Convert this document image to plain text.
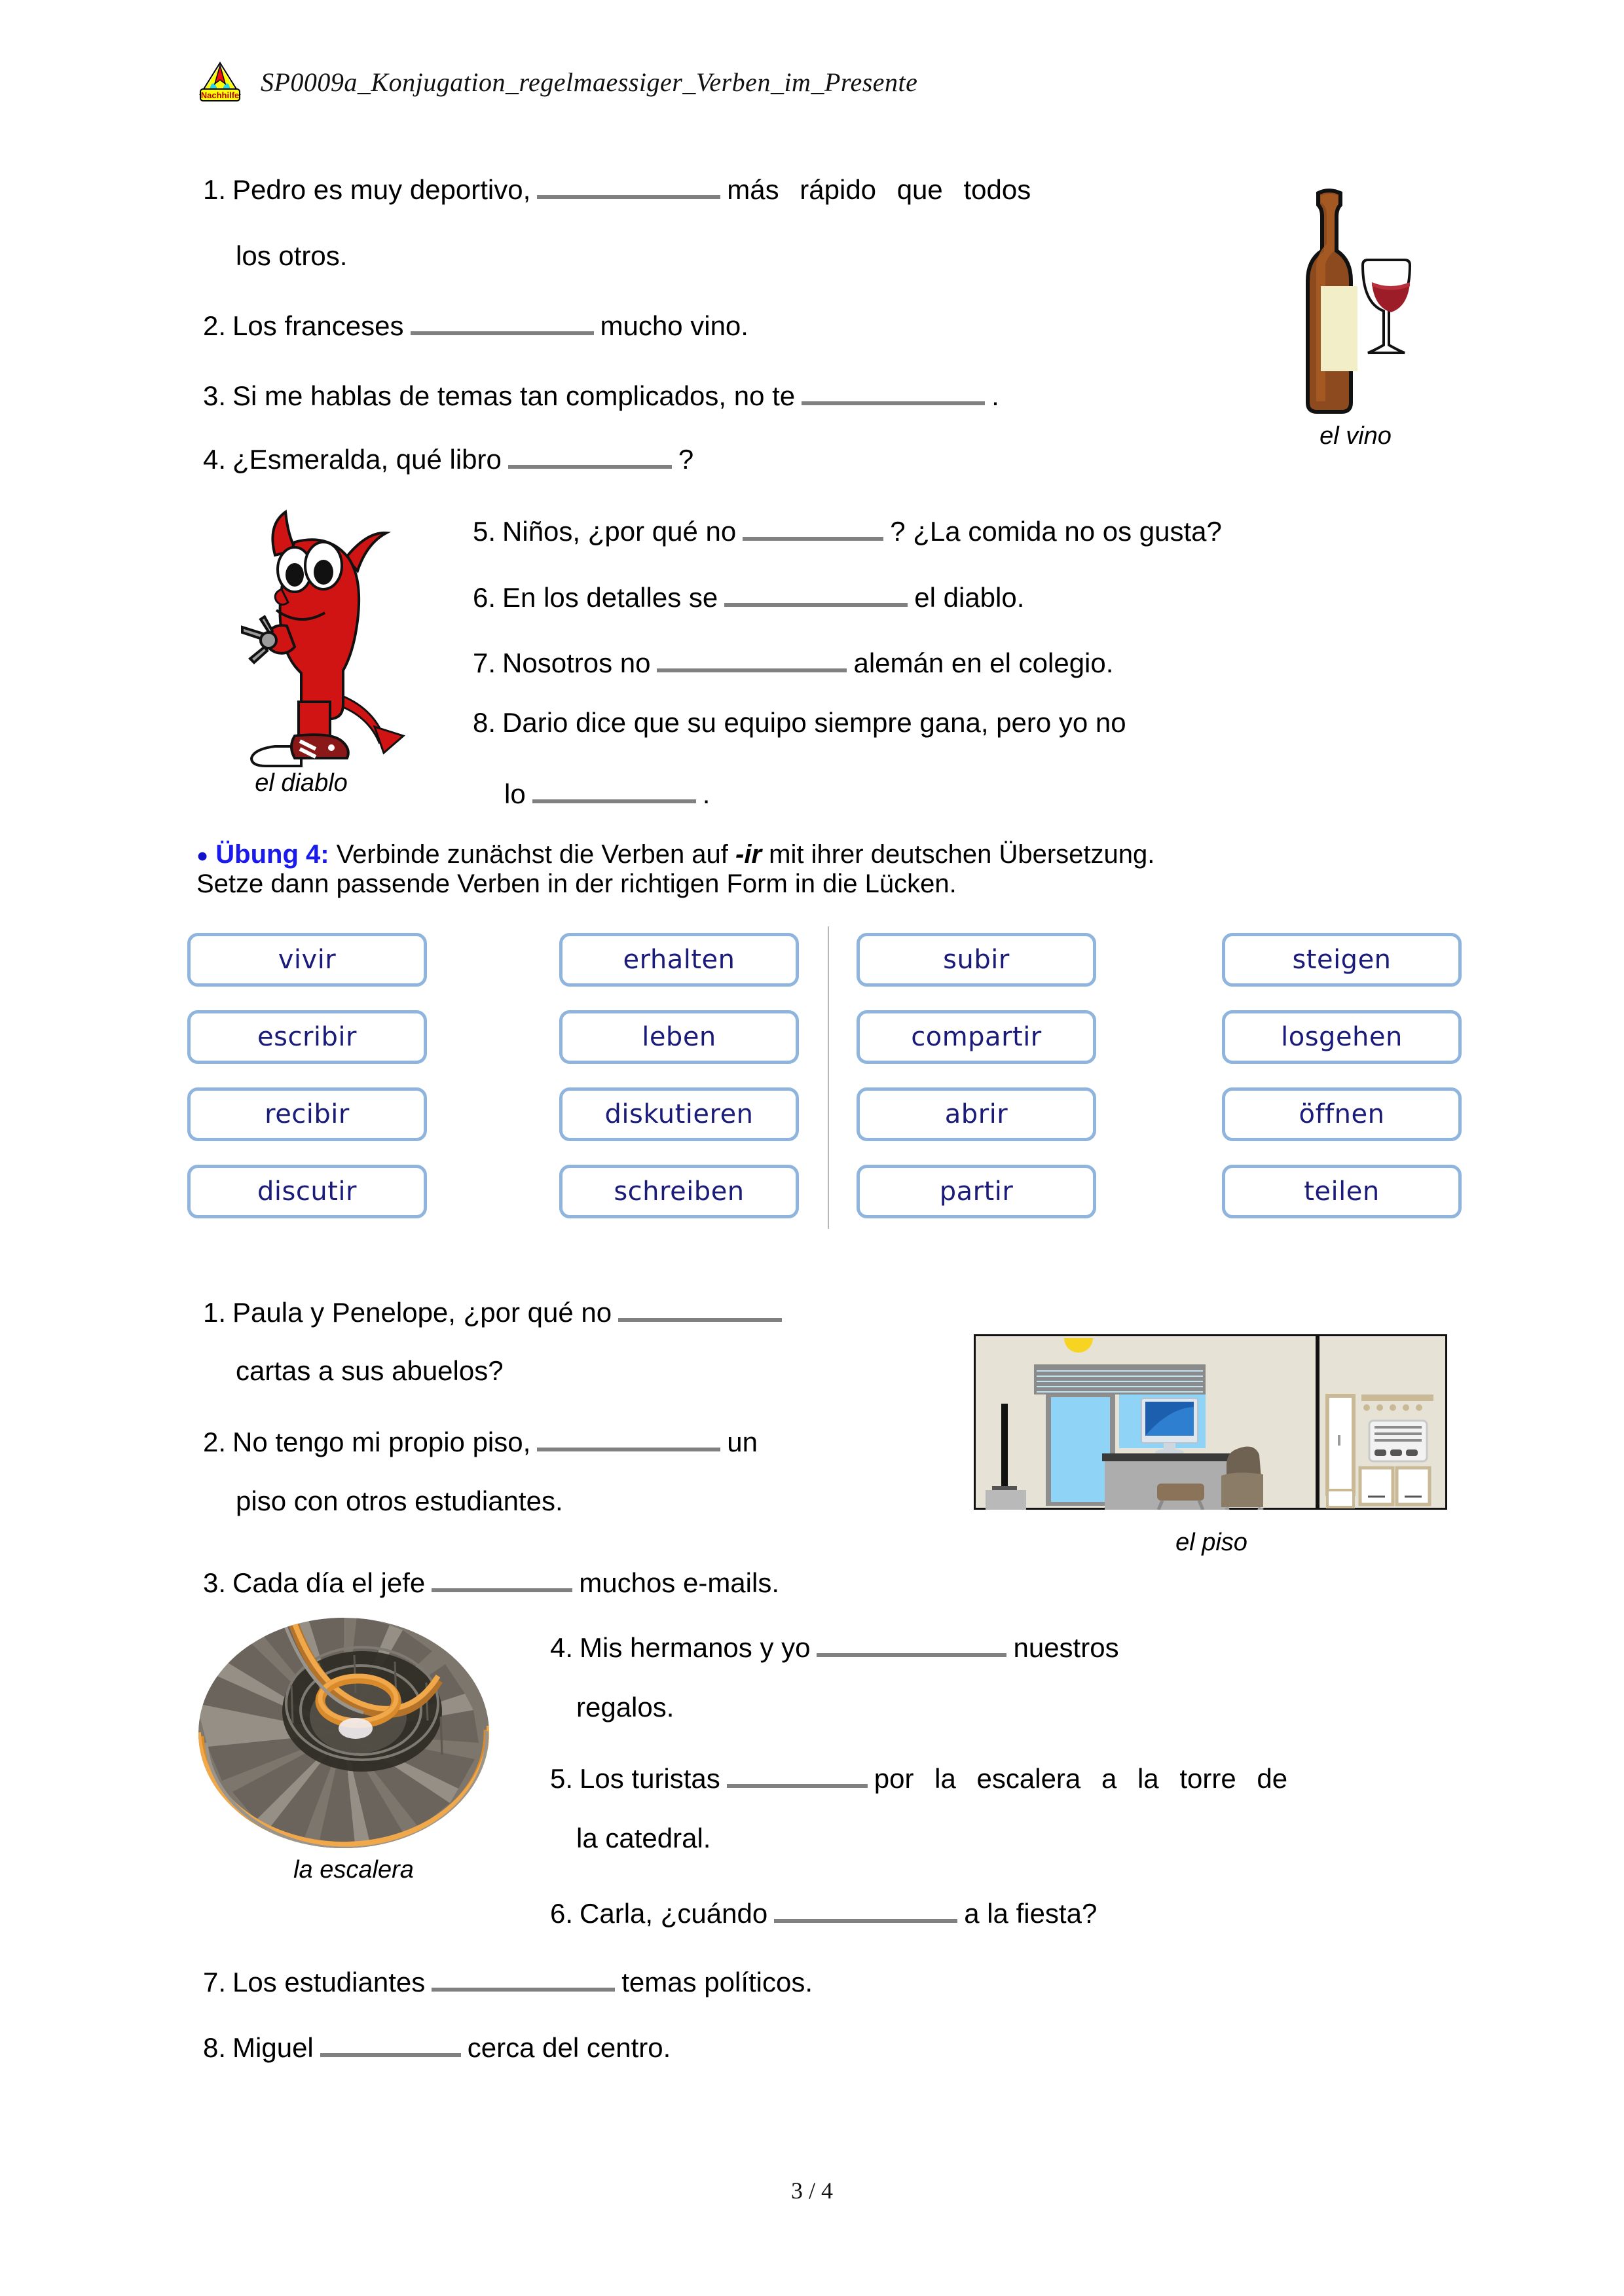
Nachhilfe SP0009a_Konjugation_regelmaessiger_Verben_im_Presente
1. Pedro es muy deportivo,	más rápido que todos
los otros.
2. Los franceses	mucho vino.
3. Si me hablas de temas tan complicados, no te	.
4. ¿Esmeralda, qué libro	?
5. Niños, ¿por qué no	? ¿La comida no os gusta?
6. En los detalles se	el diablo.
7. Nosotros no	alemán en el colegio.
8. Dario dice que su equipo siempre gana, pero yo no
lo	.
el vino
el diablo
● Übung 4: Verbinde zunächst die Verben auf -ir mit ihrer deutschen Übersetzung.
Setze dann passende Verben in der richtigen Form in die Lücken.
vivir
escribir
recibir
discutir
erhalten
leben
diskutieren
schreiben
subir
compartir
abrir
partir
steigen
losgehen
öffnen
teilen
1. Paula y Penelope, ¿por qué no
cartas a sus abuelos?
2. No tengo mi propio piso,	un
piso con otros estudiantes.
3. Cada día el jefe	muchos e-mails.
4. Mis hermanos y yo	nuestros
regalos.
5. Los turistas	por la escalera a la torre de
la catedral.
6. Carla, ¿cuándo	a la fiesta?
7. Los estudiantes	temas políticos.
8. Miguel	cerca del centro.
el piso
la escalera
3 / 4
